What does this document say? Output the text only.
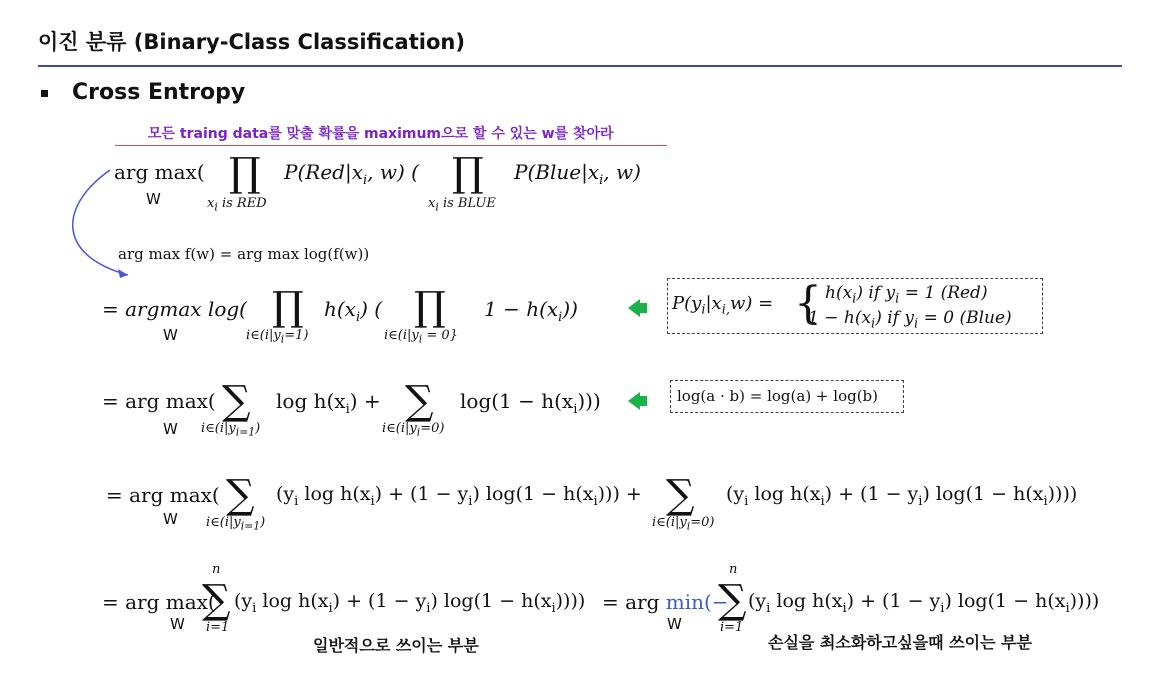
이진 분류 (Binary-Class Classification)
Cross Entropy
모든 traing data를 맞출 확률을 maximum으로 할 수 있는 w를 찾아라
arg max(
W
∏
$x_i$ is RED
$P(Red|x_i$, w) ( ∏
$x_i$ is BLUE
$P(Blue|x_i$, w)
arg max f(w) = arg max log(f(w))
= argmax log(
W
∏
$i\in(i|y_i=1)$
$h(x_i)$ ( ∏
$i\in(i|y_i = 0\}$
$1 - h(x_i)$)	$P(y_i|x_{i,}w)$ = { $h(x_i)$ if $y_i = 1$ (Red)
$1 - h(x_i)$ if $y_i = 0$ (Blue)
= arg max(
W
∑
$i\in(i|y_{i=1})$
$\log h(x_i)$ + ∑
$i\in(i|y_i=0)$
$\log(1 - h(x_i))$)	log(a · b) = log(a) + log(b)
= arg max(
W
∑
$i\in(i|y_{i=1})$
($y_i$ $\log h(x_i) + (1 - y_i) \log(1 - h(x_i))$) + ∑
$i\in(i|y_i=0)$
($y_i$ $\log h(x_i) + (1 - y_i) \log(1 - h(x_i))$))
= arg max(
W
n
∑
i=1
($y_i$ $\log h(x_i) + (1 - y_i) \log(1 - h(x_i))$)) = arg min(−
W
n
∑
i=1
($y_i$ $\log h(x_i) + (1 - y_i) \log(1 - h(x_i))$))
일반적으로 쓰이는 부분	손실을 최소화하고싶을때 쓰이는 부분
